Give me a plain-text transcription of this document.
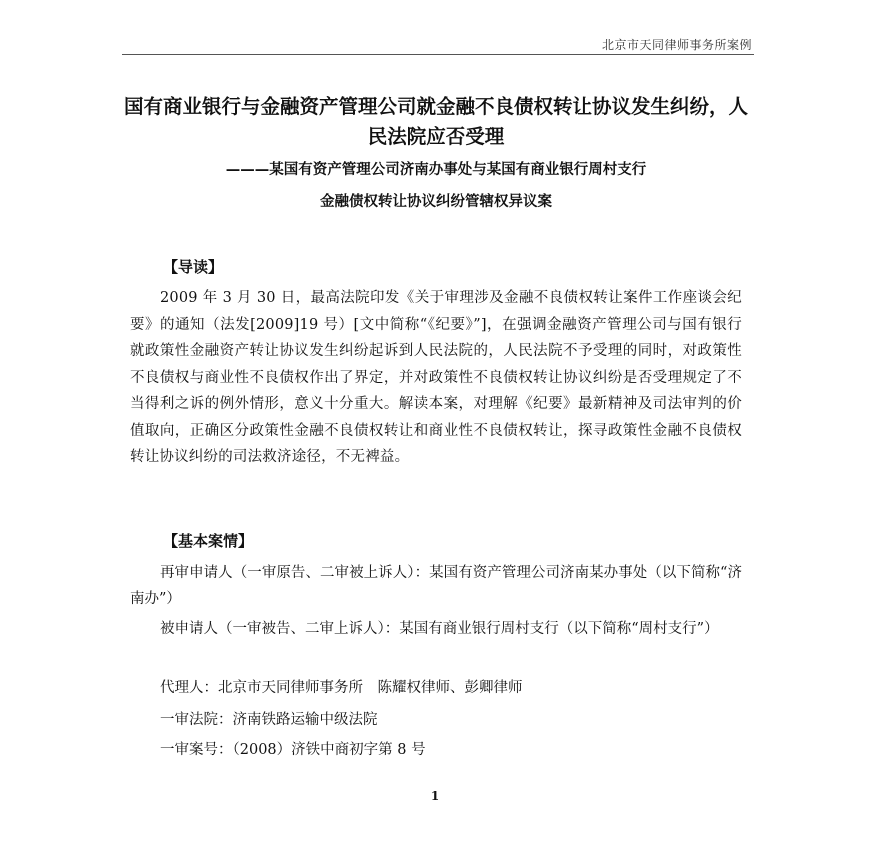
北京市天同律师事务所案例
国有商业银行与金融资产管理公司就金融不良债权转让协议发生纠纷，人民法院应否受理
———某国有资产管理公司济南办事处与某国有商业银行周村支行
金融债权转让协议纠纷管辖权异议案
【导读】
2009 年 3 月 30 日，最高法院印发《关于审理涉及金融不良债权转让案件工作座谈会纪要》的通知（法发[2009]19 号）[文中简称“《纪要》”]，在强调金融资产管理公司与国有银行就政策性金融资产转让协议发生纠纷起诉到人民法院的，人民法院不予受理的同时，对政策性不良债权与商业性不良债权作出了界定，并对政策性不良债权转让协议纠纷是否受理规定了不当得利之诉的例外情形，意义十分重大。解读本案，对理解《纪要》最新精神及司法审判的价值取向，正确区分政策性金融不良债权转让和商业性不良债权转让，探寻政策性金融不良债权转让协议纠纷的司法救济途径，不无裨益。
【基本案情】
再审申请人（一审原告、二审被上诉人）：某国有资产管理公司济南某办事处（以下简称“济南办”）
被申请人（一审被告、二审上诉人）：某国有商业银行周村支行（以下简称“周村支行”）
代理人：北京市天同律师事务所　陈耀权律师、彭卿律师
一审法院：济南铁路运输中级法院
一审案号：（2008）济铁中商初字第 8 号
1
